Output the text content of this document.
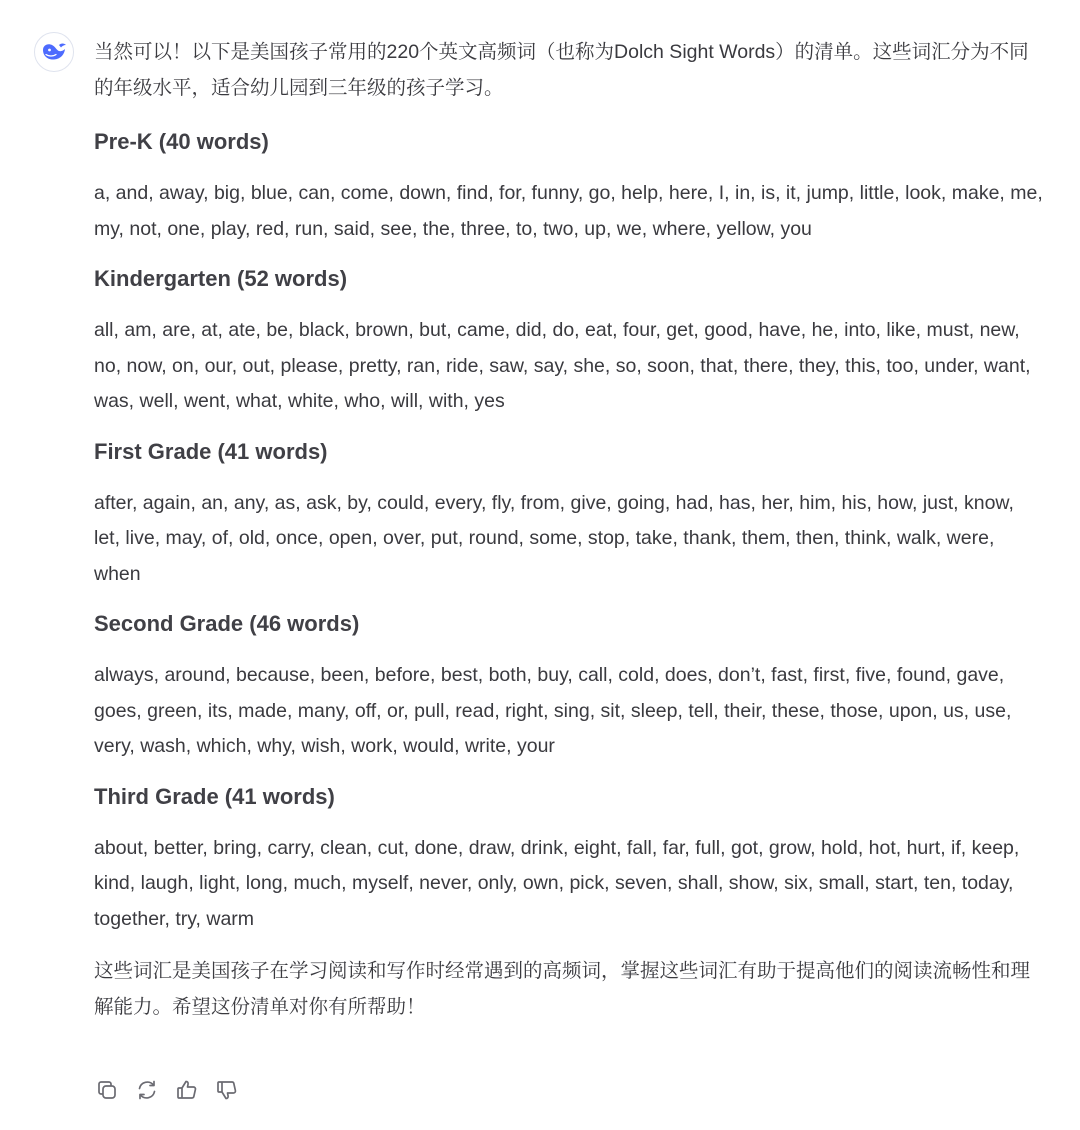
当然可以！以下是美国孩子常用的220个英文高频词（也称为Dolch Sight Words）的清单。这些词汇分为不同的年级水平，适合幼儿园到三年级的孩子学习。

Pre-K (40 words)

a, and, away, big, blue, can, come, down, find, for, funny, go, help, here, I, in, is, it, jump, little, look, make, me, my, not, one, play, red, run, said, see, the, three, to, two, up, we, where, yellow, you

Kindergarten (52 words)

all, am, are, at, ate, be, black, brown, but, came, did, do, eat, four, get, good, have, he, into, like, must, new, no, now, on, our, out, please, pretty, ran, ride, saw, say, she, so, soon, that, there, they, this, too, under, want, was, well, went, what, white, who, will, with, yes

First Grade (41 words)

after, again, an, any, as, ask, by, could, every, fly, from, give, going, had, has, her, him, his, how, just, know, let, live, may, of, old, once, open, over, put, round, some, stop, take, thank, them, then, think, walk, were, when

Second Grade (46 words)

always, around, because, been, before, best, both, buy, call, cold, does, don’t, fast, first, five, found, gave, goes, green, its, made, many, off, or, pull, read, right, sing, sit, sleep, tell, their, these, those, upon, us, use, very, wash, which, why, wish, work, would, write, your

Third Grade (41 words)

about, better, bring, carry, clean, cut, done, draw, drink, eight, fall, far, full, got, grow, hold, hot, hurt, if, keep, kind, laugh, light, long, much, myself, never, only, own, pick, seven, shall, show, six, small, start, ten, today, together, try, warm

这些词汇是美国孩子在学习阅读和写作时经常遇到的高频词，掌握这些词汇有助于提高他们的阅读流畅性和理解能力。希望这份清单对你有所帮助！
